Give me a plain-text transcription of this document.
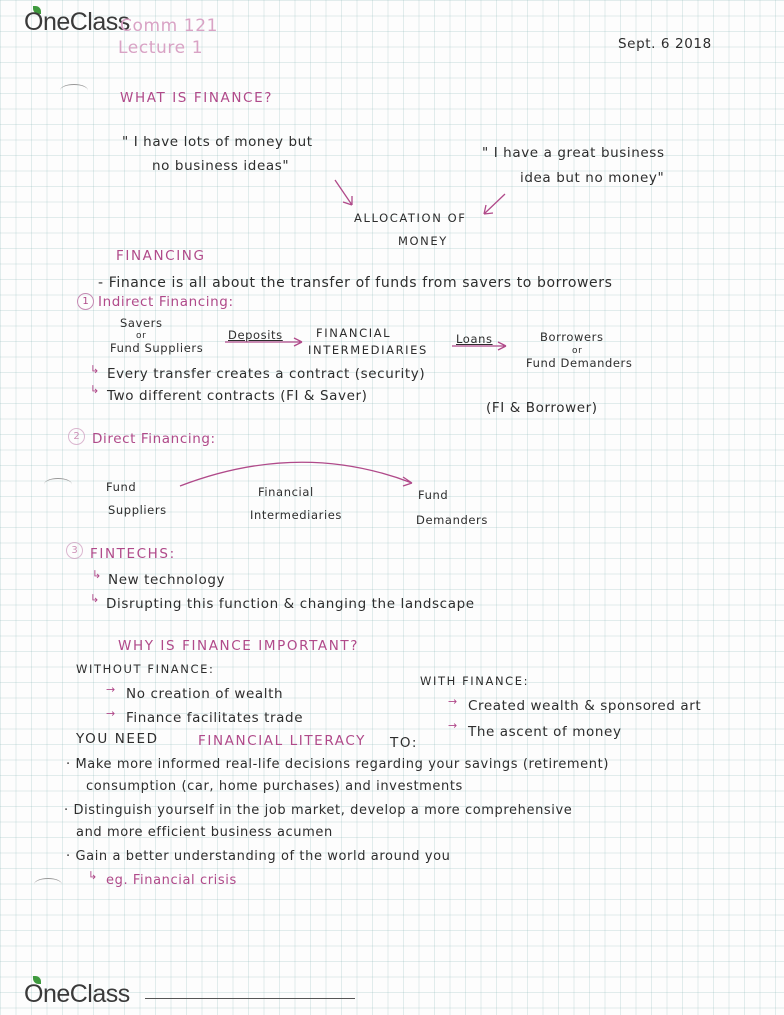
OneClass
OneClass
Comm 121
Lecture 1	Sept. 6 2018
WHAT IS FINANCE?
" I have lots of money but
no business ideas"
" I have a great business
idea but no money"
ALLOCATION OF
MONEY
FINANCING
- Finance is all about the transfer of funds from savers to borrowers
1 Indirect Financing:
Savers
or
Fund Suppliers
Deposits	FINANCIAL
INTERMEDIARIES
Loans	Borrowers
or
Fund Demanders
↳ Every transfer creates a contract (security)
↳ Two different contracts (FI & Saver)
(FI & Borrower)
2 Direct Financing:
Fund
Suppliers
Financial
Intermediaries
Fund
Demanders
3 FINTECHS:
↳ New technology
↳ Disrupting this function & changing the landscape
WHY IS FINANCE IMPORTANT?
WITHOUT FINANCE:
→ No creation of wealth
→ Finance facilitates trade
WITH FINANCE:
→ Created wealth & sponsored art
→ The ascent of money
YOU NEED	FINANCIAL LITERACY TO:
· Make more informed real-life decisions regarding your savings (retirement)
consumption (car, home purchases) and investments
· Distinguish yourself in the job market, develop a more comprehensive
and more efficient business acumen
· Gain a better understanding of the world around you
↳ eg. Financial crisis
